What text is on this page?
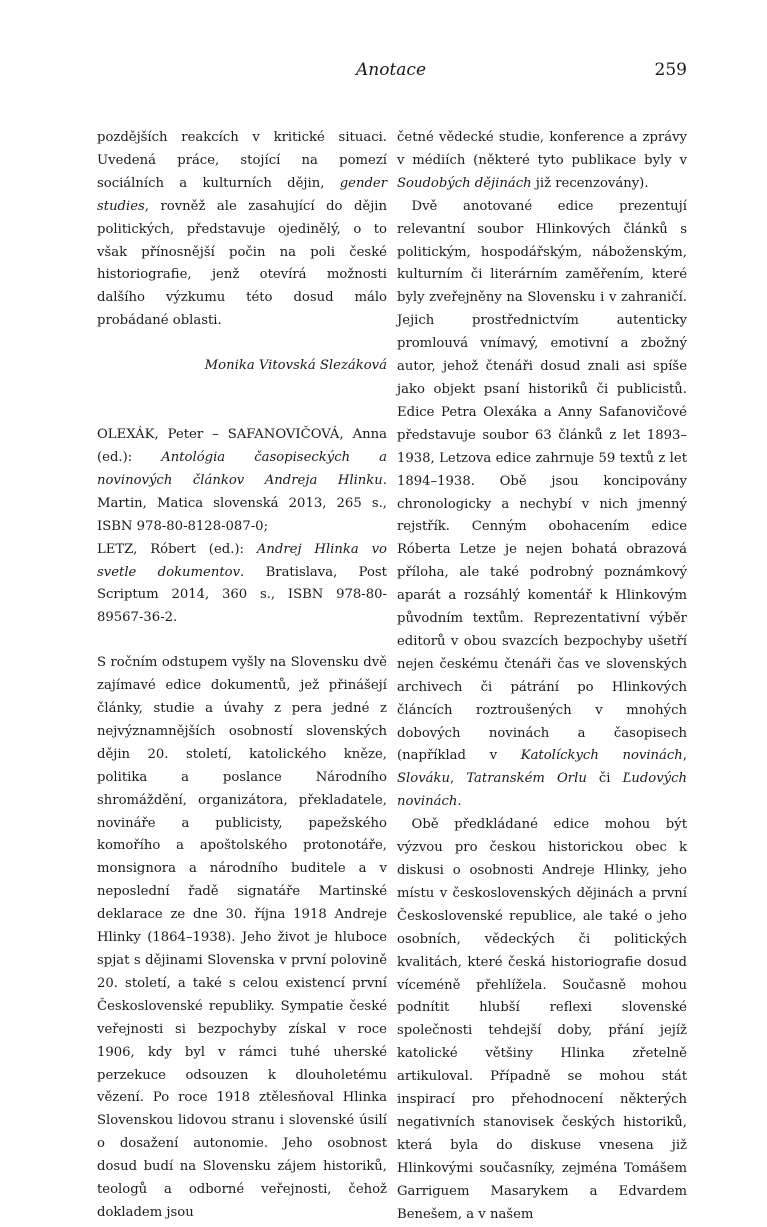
Anotace	259

pozdějších reakcích v kritické situaci. Uvedená práce, stojící na pomezí sociálních a kulturních dějin, gender studies, rovněž ale zasahující do dějin politických, představuje ojedinělý, o to však přínosnější počin na poli české historiografie, jenž otevírá možnosti dalšího výzkumu této dosud málo probádané oblasti.

Monika Vitovská Slezáková

OLEXÁK, Peter – SAFANOVIČOVÁ, Anna (ed.): Antológia časopiseckých a novinových článkov Andreja Hlinku. Martin, Matica slovenská 2013, 265 s., ISBN 978-80-8128-087-0;

LETZ, Róbert (ed.): Andrej Hlinka vo svetle dokumentov. Bratislava, Post Scriptum 2014, 360 s., ISBN 978-80-89567-36-2.

S ročním odstupem vyšly na Slovensku dvě zajímavé edice dokumentů, jež přinášejí články, studie a úvahy z pera jedné z nejvýznamnějších osobností slovenských dějin 20. století, katolického kněze, politika a poslance Národního shromáždění, organizátora, překladatele, novináře a publicisty, papežského komořího a apoštolského protonotáře, monsignora a národního buditele a v neposlední řadě signatáře Martinské deklarace ze dne 30. října 1918 Andreje Hlinky (1864–1938). Jeho život je hluboce spjat s dějinami Slovenska v první polovině 20. století, a také s celou existencí první Československé republiky. Sympatie české veřejnosti si bezpochyby získal v roce 1906, kdy byl v rámci tuhé uherské perzekuce odsouzen k dlouholetému vězení. Po roce 1918 ztělesňoval Hlinka Slovenskou lidovou stranu i slovenské úsilí o dosažení autonomie. Jeho osobnost dosud budí na Slovensku zájem historiků, teologů a odborné veřejnosti, čehož dokladem jsou

četné vědecké studie, konference a zprávy v médiích (některé tyto publikace byly v Soudobých dějinách již recenzovány).

Dvě anotované edice prezentují relevantní soubor Hlinkových článků s politickým, hospodářským, náboženským, kulturním či literárním zaměřením, které byly zveřejněny na Slovensku i v zahraničí. Jejich prostřednictvím autenticky promlouvá vnímavý, emotivní a zbožný autor, jehož čtenáři dosud znali asi spíše jako objekt psaní historiků či publicistů. Edice Petra Olexáka a Anny Safanovičové představuje soubor 63 článků z let 1893–1938, Letzova edice zahrnuje 59 textů z let 1894–1938. Obě jsou koncipovány chronologicky a nechybí v nich jmenný rejstřík. Cenným obohacením edice Róberta Letze je nejen bohatá obrazová příloha, ale také podrobný poznámkový aparát a rozsáhlý komentář k Hlinkovým původním textům. Reprezentativní výběr editorů v obou svazcích bezpochyby ušetří nejen českému čtenáři čas ve slovenských archivech či pátrání po Hlinkových článcích roztroušených v mnohých dobových novinách a časopisech (například v Katolíckych novinách, Slováku, Tatranském Orlu či Ľudových novinách.

Obě předkládané edice mohou být výzvou pro českou historickou obec k diskusi o osobnosti Andreje Hlinky, jeho místu v československých dějinách a první Československé republice, ale také o jeho osobních, vědeckých či politických kvalitách, které česká historiografie dosud víceméně přehlížela. Současně mohou podnítit hlubší reflexi slovenské společnosti tehdejší doby, přání jejíž katolické většiny Hlinka zřetelně artikuloval. Případně se mohou stát inspirací pro přehodnocení některých negativních stanovisek českých historiků, která byla do diskuse vnesena již Hlinkovými současníky, zejména Tomášem Garriguem Masarykem a Edvardem Benešem, a v našem
